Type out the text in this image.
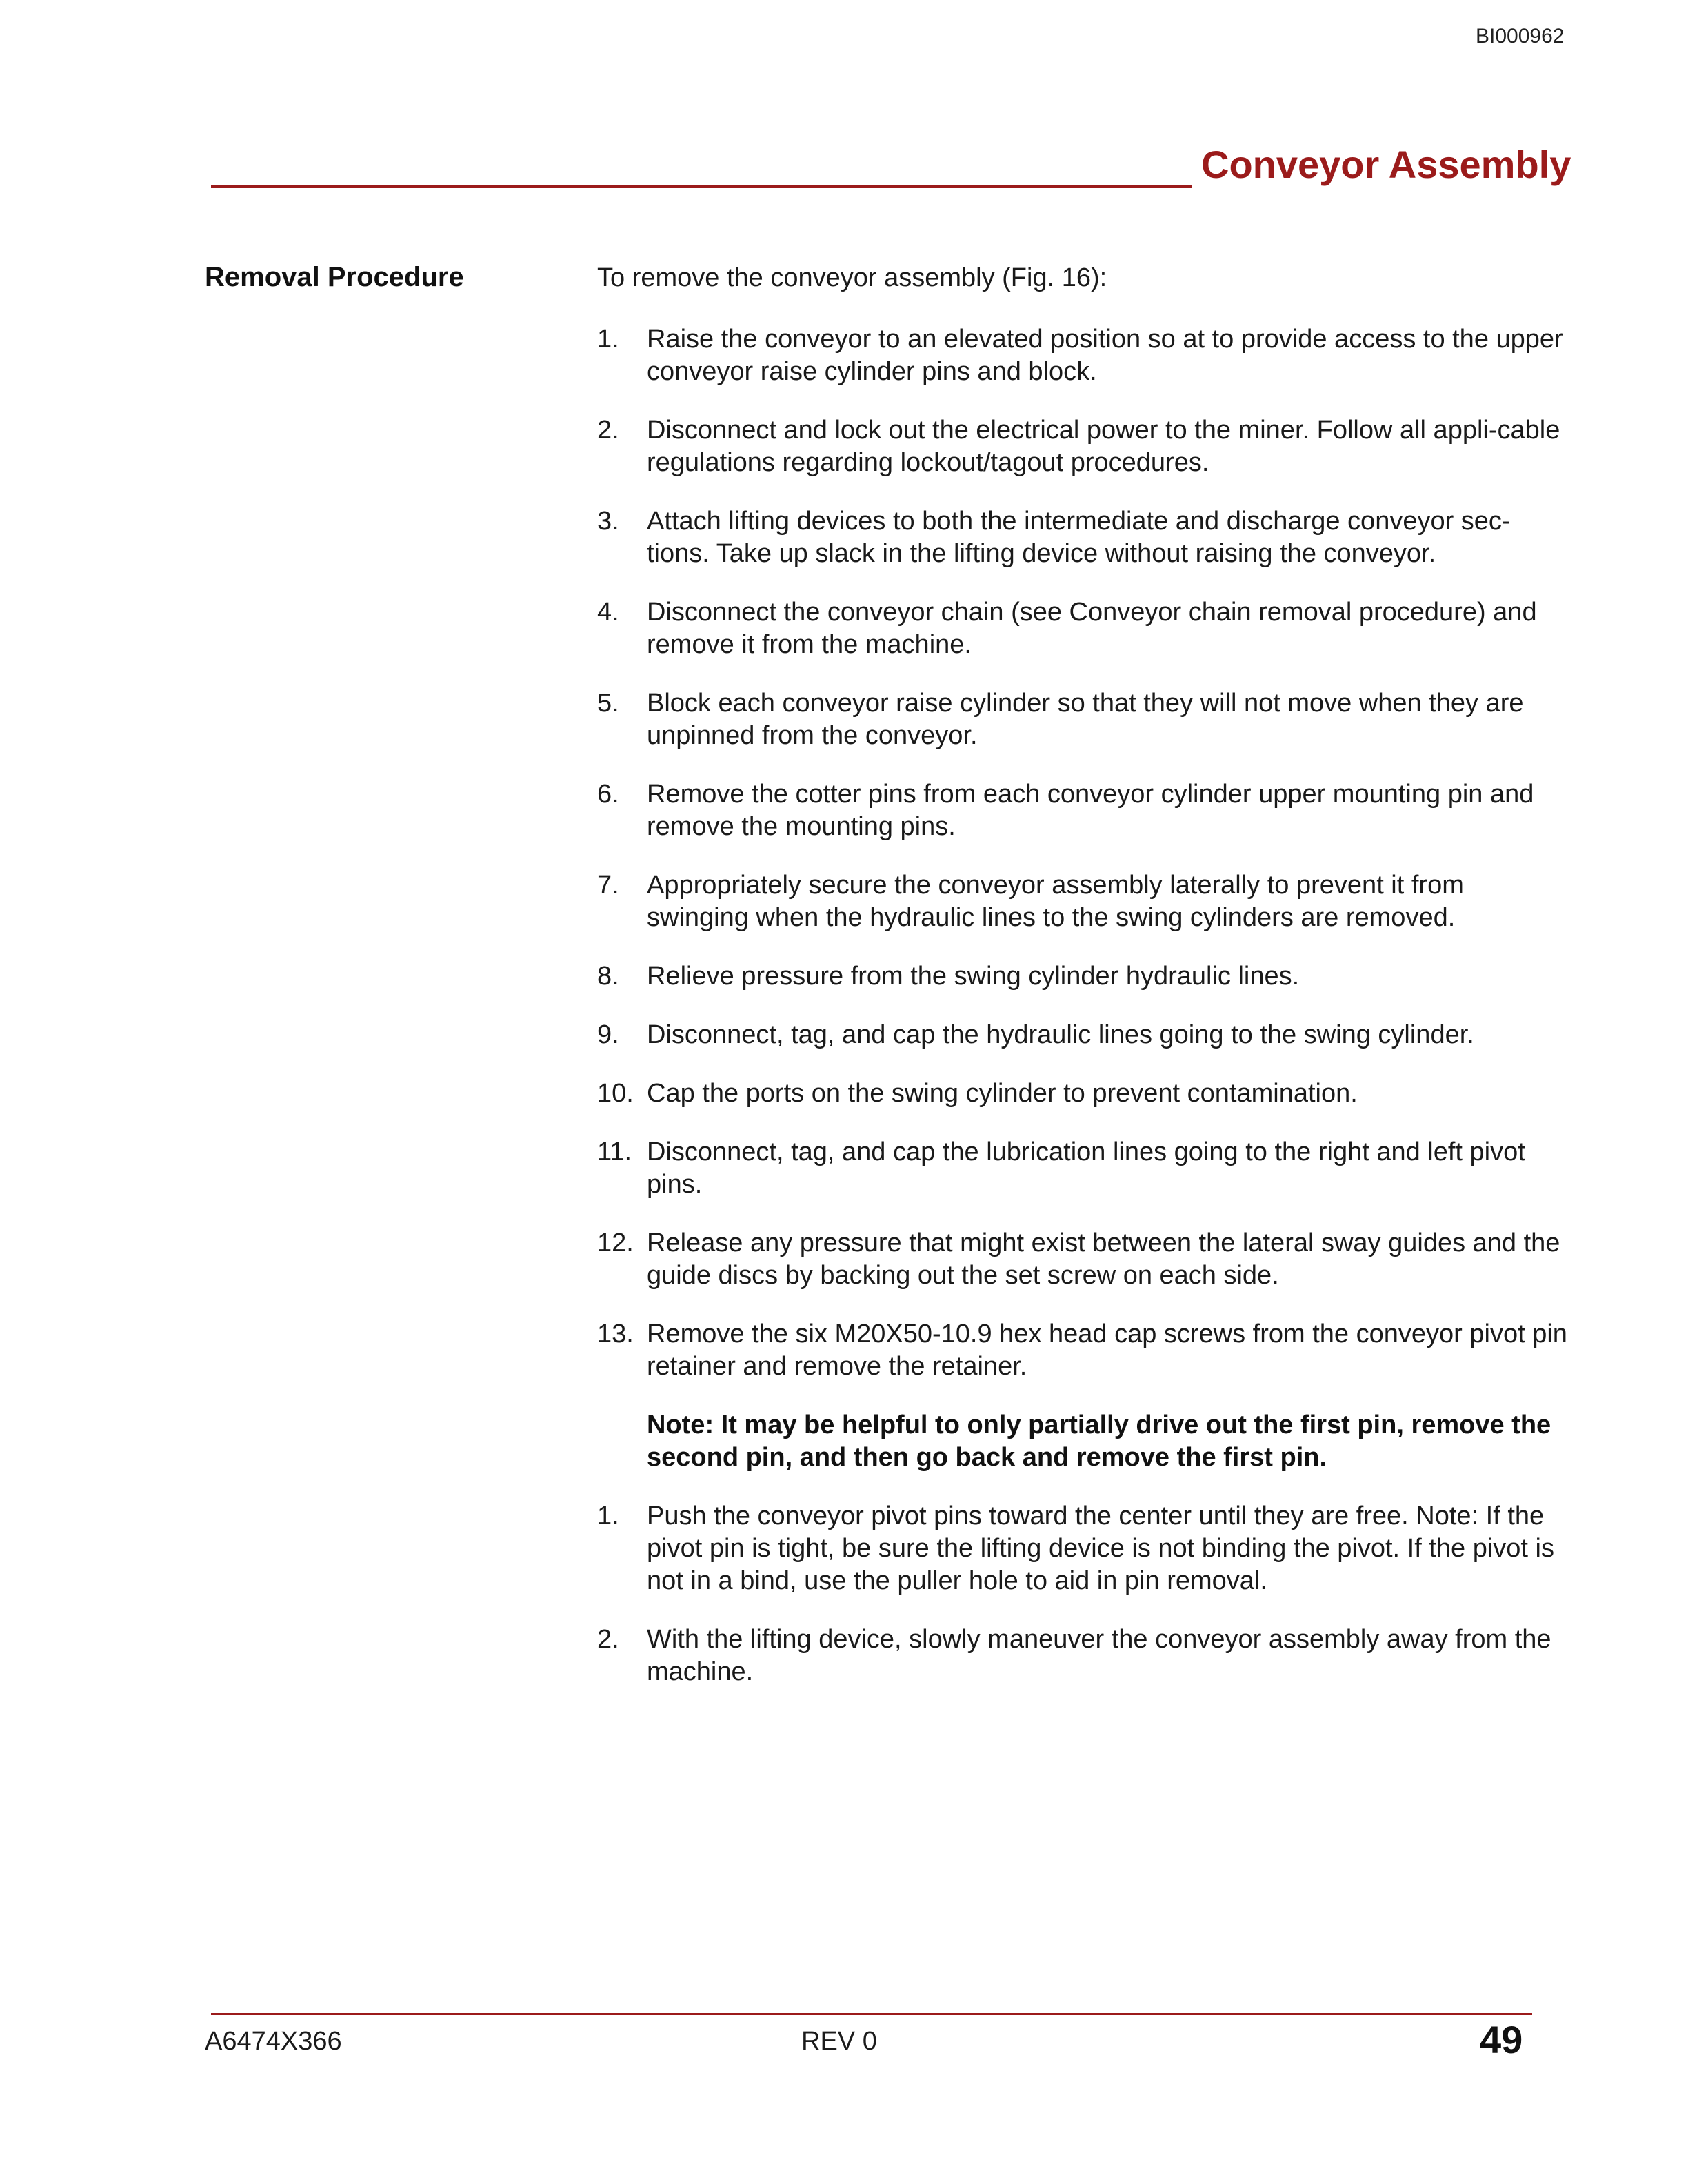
BI000962
Conveyor Assembly
Removal Procedure	To remove the conveyor assembly (Fig. 16):

1. Raise the conveyor to an elevated position so at to provide access to the upper conveyor raise cylinder pins and block.
2. Disconnect and lock out the electrical power to the miner. Follow all appli-cable regulations regarding lockout/tagout procedures.
3. Attach lifting devices to both the intermediate and discharge conveyor sec-tions. Take up slack in the lifting device without raising the conveyor.
4. Disconnect the conveyor chain (see Conveyor chain removal procedure) and remove it from the machine.
5. Block each conveyor raise cylinder so that they will not move when they are unpinned from the conveyor.
6. Remove the cotter pins from each conveyor cylinder upper mounting pin and remove the mounting pins.
7. Appropriately secure the conveyor assembly laterally to prevent it from swinging when the hydraulic lines to the swing cylinders are removed.
8. Relieve pressure from the swing cylinder hydraulic lines.
9. Disconnect, tag, and cap the hydraulic lines going to the swing cylinder.
10. Cap the ports on the swing cylinder to prevent contamination.
11. Disconnect, tag, and cap the lubrication lines going to the right and left pivot pins.
12. Release any pressure that might exist between the lateral sway guides and the guide discs by backing out the set screw on each side.
13. Remove the six M20X50-10.9 hex head cap screws from the conveyor pivot pin retainer and remove the retainer.

Note: It may be helpful to only partially drive out the first pin, remove the second pin, and then go back and remove the first pin.

1. Push the conveyor pivot pins toward the center until they are free. Note: If the pivot pin is tight, be sure the lifting device is not binding the pivot. If the pivot is not in a bind, use the puller hole to aid in pin removal.
2. With the lifting device, slowly maneuver the conveyor assembly away from the machine.
A6474X366	REV 0	49
